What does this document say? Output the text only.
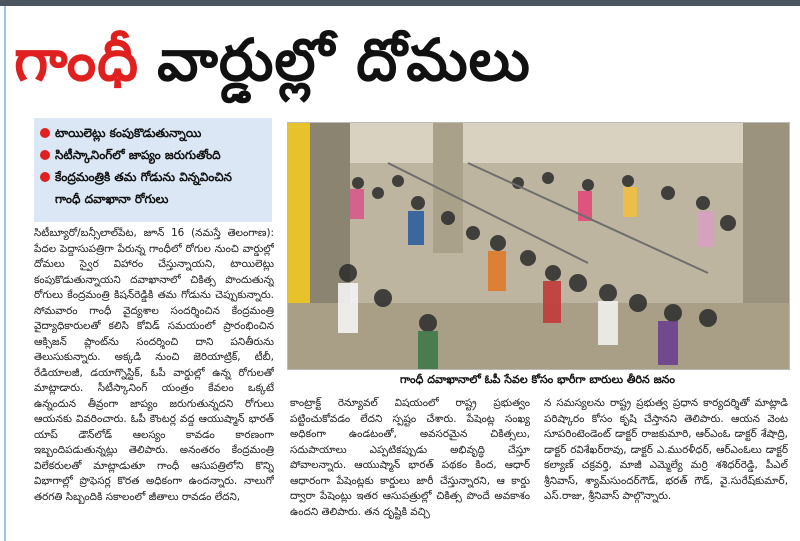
గాంధీ వార్డుల్లో దోమలు
టాయిలెట్లు కంపుకొడుతున్నాయి
సిటీస్కానింగ్‌లో జాప్యం జరుగుతోంది
కేంద్రమంత్రికి తమ గోడును విన్నవించిన
గాంధీ దవాఖానా రోగులు

సిటీబ్యూరో/బన్సీలాల్‌పేట, జూన్ 16 (నమస్తే తెలంగాణ): పేదల పెద్దాసుపత్రిగా పేరున్న గాంధీలో రోగుల నుంచి వార్డుల్లో దోమలు స్వైర విహారం చేస్తున్నాయని, టాయిలెట్లు కంపుకొడుతున్నాయని దవాఖానాలో చికిత్స పొందుతున్న రోగులు కేంద్రమంత్రి కిషన్‌రెడ్డికి తమ గోడును చెప్పుకున్నారు. సోమవారం గాంధీ వైద్యశాల సందర్శించిన కేంద్రమంత్రి వైద్యాధికారులతో కలిసి కోవిడ్ సమయంలో ప్రారంభించిన ఆక్సిజన్ ప్లాంట్‌ను సందర్శించి దాని పనితీరును తెలుసుకున్నారు. అక్కడి నుంచి జెరియాట్రిక్, టీబీ, రేడియాలజీ, డయాగ్నొస్టిక్, ఓపీ వార్డుల్లో ఉన్న రోగులతో మాట్లాడారు. సీటీస్కానింగ్ యంత్రం కేవలం ఒక్కటే ఉన్నందున తీవ్రంగా జాప్యం జరుగుతున్నదని రోగులు ఆయనకు వివరించారు. ఓపీ కౌంటర్ల వద్ద ఆయుష్మాన్ భారత్ యాప్ డౌన్‌లోడ్ ఆలస్యం కావడం కారణంగా ఇబ్బందిపడుతున్నట్లు తెలిపారు. అనంతరం కేంద్రమంత్రి విలేకరులతో మాట్లాడుతూ గాంధీ ఆసుపత్రిలోని కొన్ని విభాగాల్లో ప్రొఫెసర్ల కొరత అధికంగా ఉందన్నారు. నాలుగో తరగతి సిబ్బందికి సకాలంలో జీతాలు రావడం లేదని,

గాంధీ దవాఖానాలో ఓపీ సేవల కోసం భారీగా బారులు తీరిన జనం

కాంట్రాక్ట్ రెన్యూవల్ విషయంలో రాష్ట్ర ప్రభుత్వం పట్టించుకోవడం లేదని స్పష్టం చేశారు. పేషెంట్ల సంఖ్య అధికంగా ఉండటంతో, అవసరమైన చికిత్సలు, సదుపాయాలు ఎప్పటికప్పుడు అభివృద్ధి చేస్తూ పోవాలన్నారు. ఆయుష్మాన్ భారత్ పథకం కింద, ఆధార్ ఆధారంగా పేషెంట్లకు కార్డులు జారీ చేస్తున్నారని, ఆ కార్డు ద్వారా పేషెంట్లు ఇతర ఆసుపత్రుల్లో చికిత్స పొందే అవకాశం ఉందని తెలిపారు. తన దృష్టికి వచ్చి

న సమస్యలను రాష్ట్ర ప్రభుత్వ ప్రధాన కార్యదర్శితో మాట్లాడి పరిష్కారం కోసం కృషి చేస్తానని తెలిపారు. ఆయన వెంట సూపరింటెండెంట్ డాక్టర్ రాజకుమారి, ఆర్ఎంఓ డాక్టర్ శేషాద్రి, డాక్టర్ రవిశేఖర్‌రావు, డాక్టర్ ఎ.మురళీధర్, ఆర్ఎంఓలు డాక్టర్ కల్యాణ్ చక్రవర్తి, మాజీ ఎమ్మెల్యే మర్రి శశిధర్‌రెడ్డి, పీఎల్ శ్రీనివాస్, శ్యామ్‌సుందర్‌గౌడ్, భరత్ గౌడ్, వై.సురేష్‌కుమార్, ఎస్.రాజు, శ్రీనివాస్ పాల్గొన్నారు.
